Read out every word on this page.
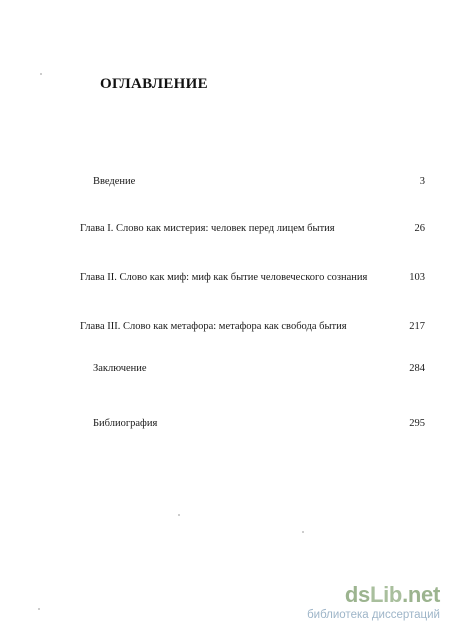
ОГЛАВЛЕНИЕ
Введение	3
Глава I. Слово как мистерия: человек перед лицем бытия	26
Глава II. Слово как миф: миф как бытие человеческого сознания	103
Глава III. Слово как метафора: метафора как свобода бытия	217
Заключение	284
Библиография	295
dsLib.net
библиотека диссертаций
